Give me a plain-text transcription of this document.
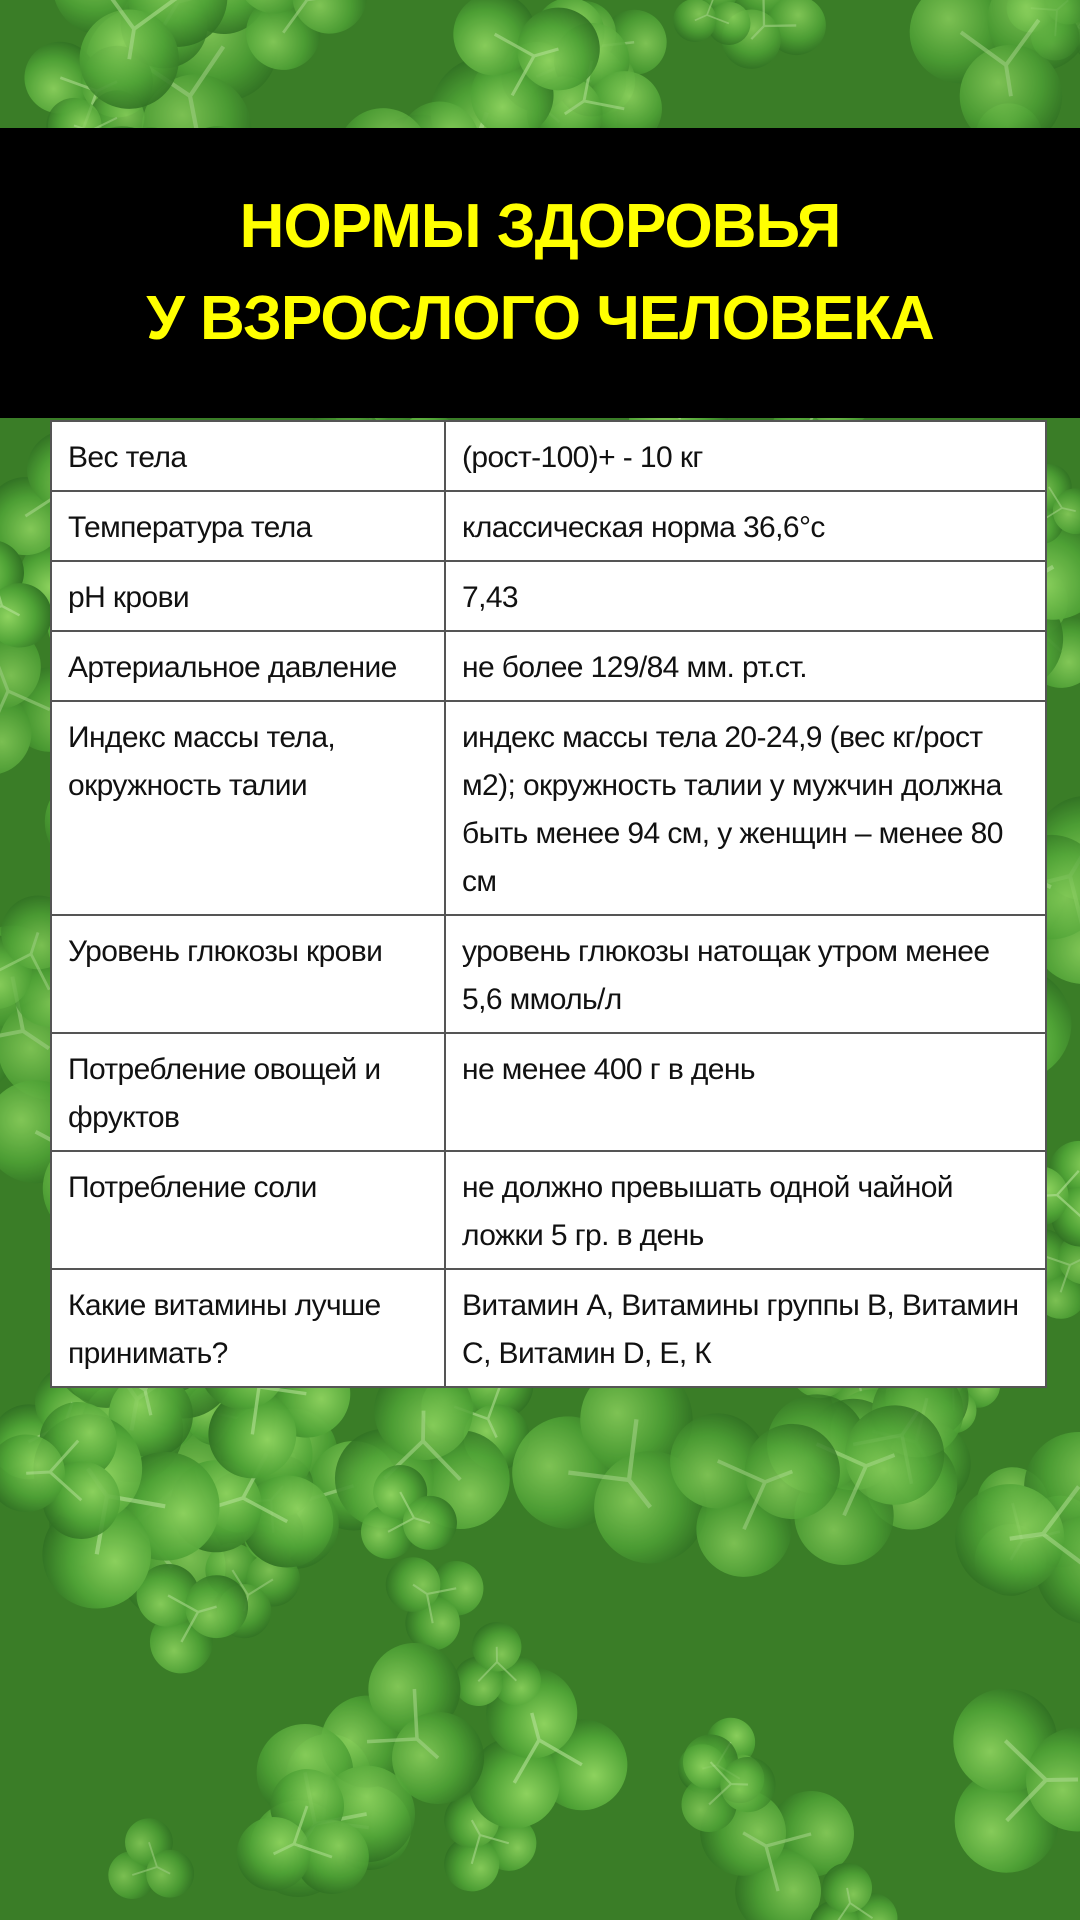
НОРМЫ ЗДОРОВЬЯ
У ВЗРОСЛОГО ЧЕЛОВЕКА
Вес тела	(рост-100)+ - 10 кг
Температура тела	классическая норма 36,6°с
pH крови	7,43
Артериальное давление	не более 129/84 мм. рт.ст.
Индекс массы тела, окружность талии	индекс массы тела 20-24,9 (вес кг/рост м2); окружность талии у мужчин должна быть менее 94 см, у женщин – менее 80 см
Уровень глюкозы крови	уровень глюкозы натощак утром менее 5,6 ммоль/л
Потребление овощей и фруктов	не менее 400 г в день
Потребление соли	не должно превышать одной чайной ложки 5 гр. в день
Какие витамины лучше принимать?	Витамин А, Витамины группы В, Витамин С, Витамин D, Е, К
